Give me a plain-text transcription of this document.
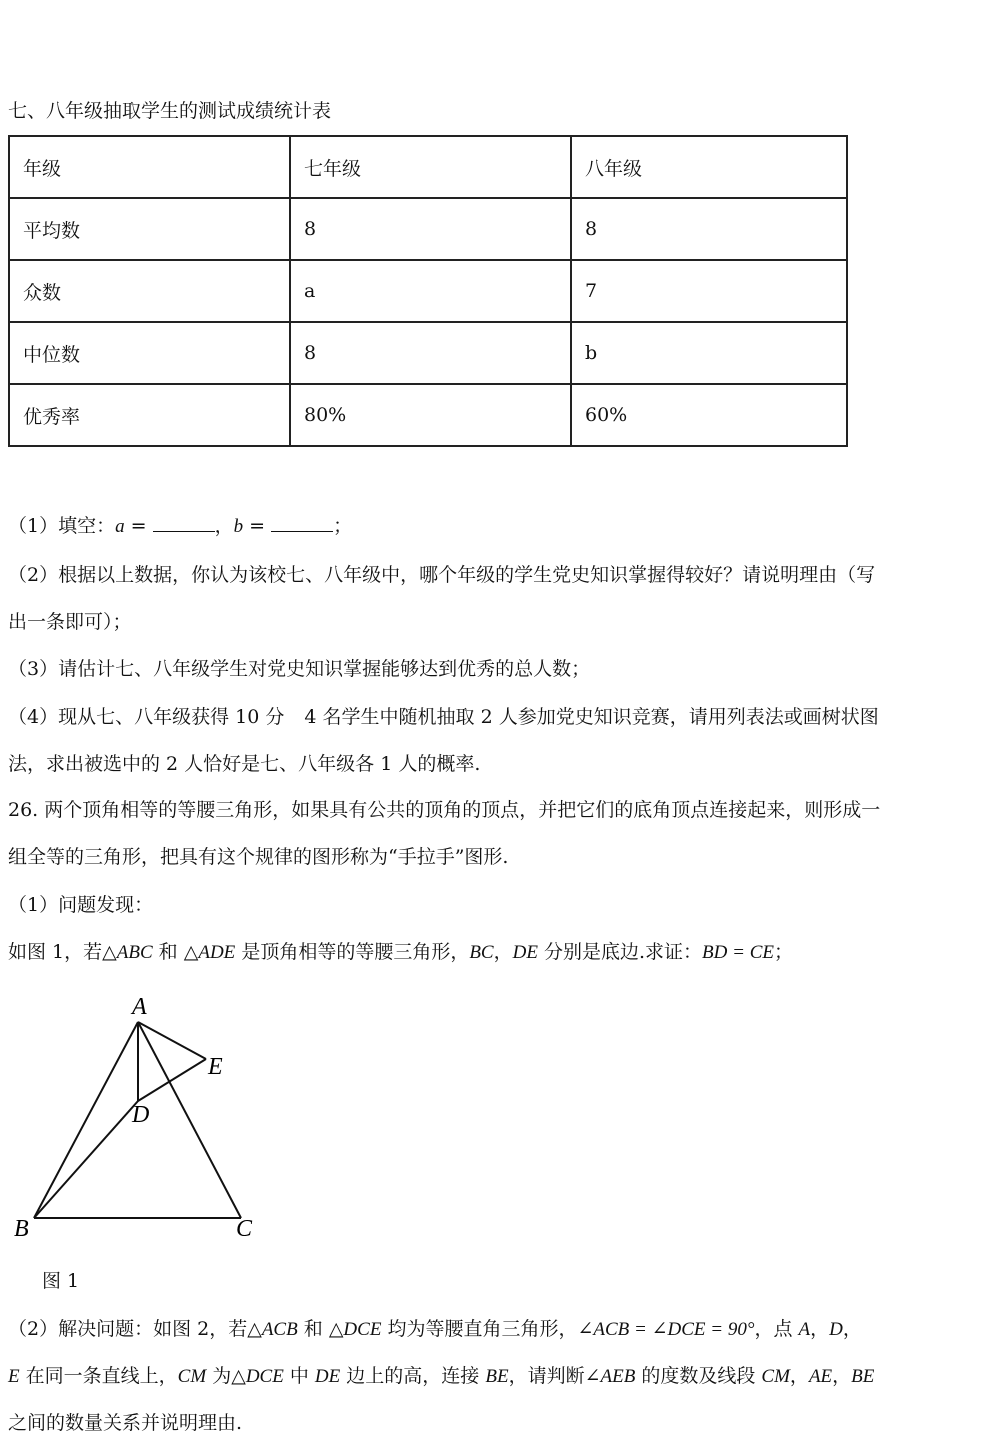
七、八年级抽取学生的测试成绩统计表
年级	七年级	八年级
平均数	8	8
众数	a	7
中位数	8	b
优秀率	80%	60%
（1）填空：a =	，b =	；
（2）根据以上数据，你认为该校七、八年级中，哪个年级的学生党史知识掌握得较好？请说明理由（写
出一条即可）；
（3）请估计七、八年级学生对党史知识掌握能够达到优秀的总人数；
（4）现从七、八年级获得 10 分 4 名学生中随机抽取 2 人参加党史知识竞赛，请用列表法或画树状图
法，求出被选中的 2 人恰好是七、八年级各 1 人的概率.
26. 两个顶角相等的等腰三角形，如果具有公共的顶角的顶点，并把它们的底角顶点连接起来，则形成一
组全等的三角形，把具有这个规律的图形称为“手拉手”图形.
（1）问题发现：
如图 1，若△ABC 和 △ADE 是顶角相等的等腰三角形，BC，DE 分别是底边.求证：BD = CE；
A
B	C
D
E
图 1
（2）解决问题：如图 2，若△ACB 和 △DCE 均为等腰直角三角形，∠ACB = ∠DCE = 90°，点 A，D，
E 在同一条直线上，CM 为△DCE 中 DE 边上的高，连接 BE，请判断∠AEB 的度数及线段 CM，AE，BE
之间的数量关系并说明理由.
